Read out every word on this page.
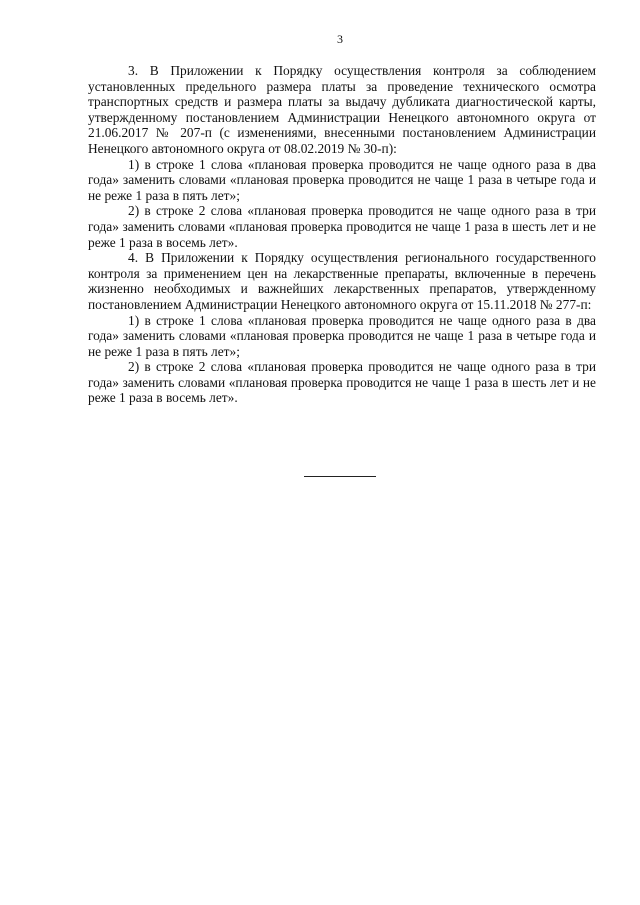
3

3. В Приложении к Порядку осуществления контроля за соблюдением установленных предельного размера платы за проведение технического осмотра транспортных средств и размера платы за выдачу дубликата диагностической карты, утвержденному постановлением Администрации Ненецкого автономного округа от 21.06.2017 № 207-п (с изменениями, внесенными постановлением Администрации Ненецкого автономного округа от 08.02.2019 № 30-п):

1) в строке 1 слова «плановая проверка проводится не чаще одного раза в два года» заменить словами «плановая проверка проводится не чаще 1 раза в четыре года и не реже 1 раза в пять лет»;

2) в строке 2 слова «плановая проверка проводится не чаще одного раза в три года» заменить словами «плановая проверка проводится не чаще 1 раза в шесть лет и не реже 1 раза в восемь лет».

4. В Приложении к Порядку осуществления регионального государственного контроля за применением цен на лекарственные препараты, включенные в перечень жизненно необходимых и важнейших лекарственных препаратов, утвержденному постановлением Администрации Ненецкого автономного округа от 15.11.2018 № 277-п:

1) в строке 1 слова «плановая проверка проводится не чаще одного раза в два года» заменить словами «плановая проверка проводится не чаще 1 раза в четыре года и не реже 1 раза в пять лет»;

2) в строке 2 слова «плановая проверка проводится не чаще одного раза в три года» заменить словами «плановая проверка проводится не чаще 1 раза в шесть лет и не реже 1 раза в восемь лет».
